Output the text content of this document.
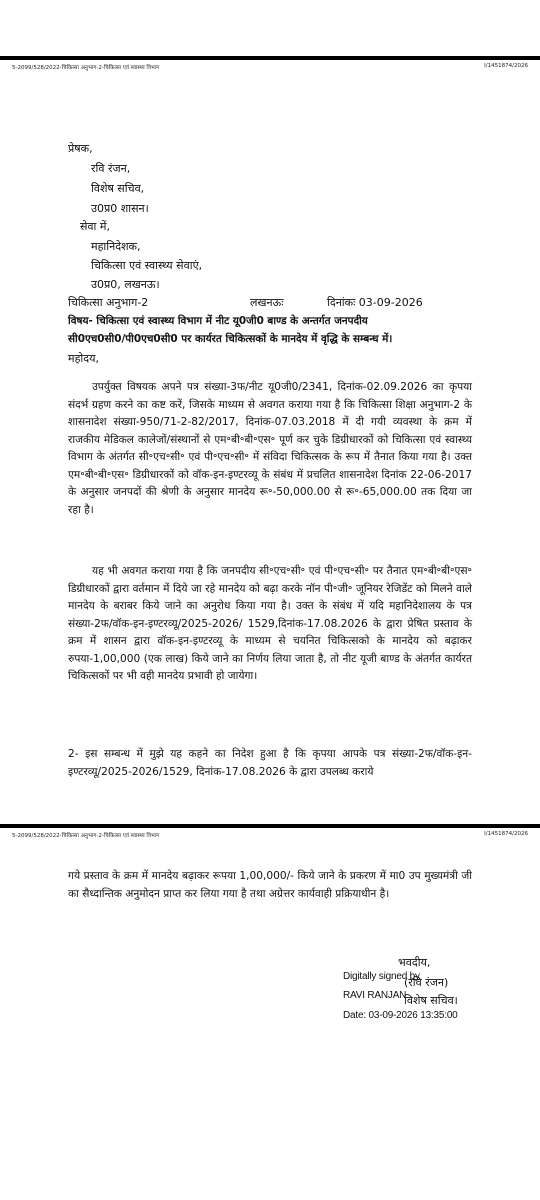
5-2099/528/2022-चिकित्सा अनुभाग-2-चिकित्सा एवं स्वास्थ्य विभाग	I/1451874/2026
प्रेषक,
रवि रंजन,
विशेष सचिव,
उ0प्र0 शासन।
सेवा में,
महानिदेशक,
चिकित्सा एवं स्वास्थ्य सेवाएं,
उ0प्र0, लखनऊ।
चिकित्सा अनुभाग-2	लखनऊः	दिनांकः 03-09-2026
विषय- चिकित्सा एवं स्वास्थ्य विभाग में नीट यू0जी0 बाण्ड के अन्तर्गत जनपदीय
सी0एच0सी0/पी0एच0सी0 पर कार्यरत चिकित्सकों के मानदेय में वृद्धि के सम्बन्ध में।
महोदय,
उपर्युक्त विषयक अपने पत्र संख्या-3फ/नीट यू0जी0/2341, दिनांक-02.09.2026 का कृपया संदर्भ ग्रहण करने का कष्ट करें, जिसके माध्यम से अवगत कराया गया है कि चिकित्सा शिक्षा अनुभाग-2 के शासनादेश संख्या-950/71-2-82/2017, दिनांक-07.03.2018 में दी गयी व्यवस्था के क्रम में राजकीय मेडिकल कालेजों/संस्थानों से एम॰बी॰बी॰एस॰ पूर्ण कर चुके डिग्रीधारकों को चिकित्सा एवं स्वास्थ्य विभाग के अंतर्गत सी॰एच॰सी॰ एवं पी॰एच॰सी॰ में संविदा चिकित्सक के रूप में तैनात किया गया है। उक्त एम॰बी॰बी॰एस॰ डिग्रीधारकों को वॉक-इन-इण्टरव्यू के संबंध में प्रचलित शासनादेश दिनांक 22-06-2017 के अनुसार जनपदों की श्रेणी के अनुसार मानदेय रू॰-50,000.00 से रू॰-65,000.00 तक दिया जा रहा है।
यह भी अवगत कराया गया है कि जनपदीय सी॰एच॰सी॰ एवं पी॰एच॰सी॰ पर तैनात एम॰बी॰बी॰एस॰ डिग्रीधारकों द्वारा वर्तमान में दिये जा रहे मानदेय को बढ़ा करके नॉन पी॰जी॰ जूनियर रेजिडेंट को मिलने वाले मानदेय के बराबर किये जाने का अनुरोध किया गया है। उक्त के संबंध में यदि महानिदेशालय के पत्र संख्या-2फ/वॉक-इन-इण्टरव्यू/2025-2026/ 1529,दिनांक-17.08.2026 के द्वारा प्रेषित प्रस्ताव के क्रम में शासन द्वारा वॉक-इन-इण्टरव्यू के माध्यम से चयनित चिकित्सको के मानदेय को बढ़ाकर रुपया-1,00,000 (एक लाख) किये जाने का निर्णय लिया जाता है, तो नीट यूजी बाण्ड के अंतर्गत कार्यरत चिकित्सकों पर भी वही मानदेय प्रभावी हो जायेगा।
2- इस सम्बन्ध में मुझे यह कहने का निदेश हुआ है कि कृपया आपके पत्र संख्या-2फ/वॉक-इन-इण्टरव्यू/2025-2026/1529, दिनांक-17.08.2026 के द्वारा उपलब्ध कराये
5-2099/528/2022-चिकित्सा अनुभाग-2-चिकित्सा एवं स्वास्थ्य विभाग	I/1451874/2026
गये प्रस्ताव के क्रम में मानदेय बढ़ाकर रूपया 1,00,000/- किये जाने के प्रकरण में मा0 उप मुख्यमंत्री जी का सैध्दान्तिक अनुमोदन प्राप्त कर लिया गया है तथा अग्रेत्तर कार्यवाही प्रक्रियाधीन है।
भवदीय,
Digitally signed by
RAVI RANJAN
Date: 03-09-2026 13:35:00
(रवि रंजन)
विशेष सचिव।
